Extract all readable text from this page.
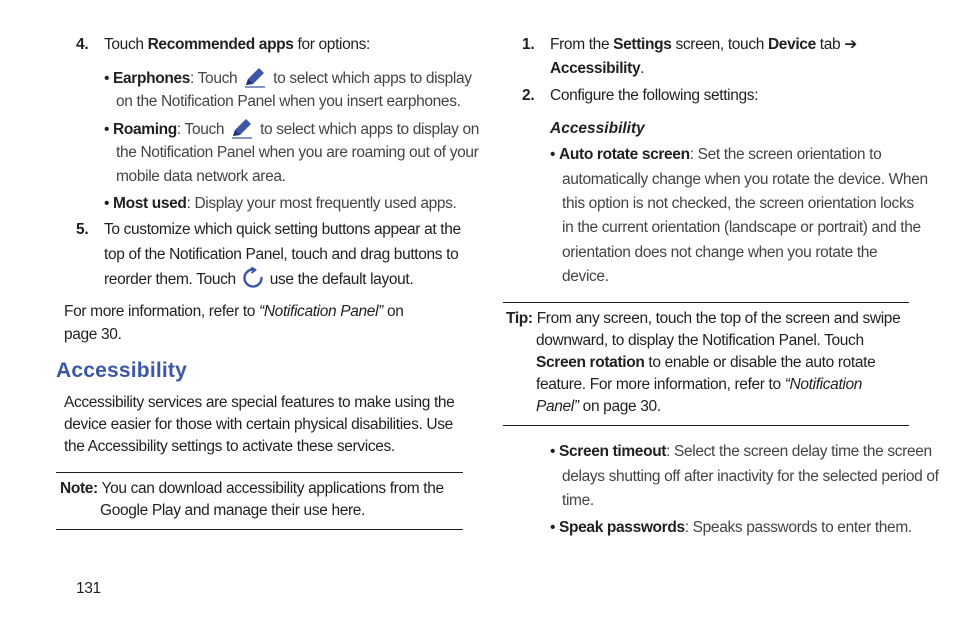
4. Touch Recommended apps for options:
• Earphones: Touch  to select which apps to display
on the Notification Panel when you insert earphones.
• Roaming: Touch  to select which apps to display on
the Notification Panel when you are roaming out of your
mobile data network area.
• Most used: Display your most frequently used apps.
5. To customize which quick setting buttons appear at the
top of the Notification Panel, touch and drag buttons to
reorder them. Touch  use the default layout.
For more information, refer to “Notification Panel” on
page 30.
Accessibility
Accessibility services are special features to make using the
device easier for those with certain physical disabilities. Use
the Accessibility settings to activate these services.
Note: You can download accessibility applications from the
Google Play and manage their use here.
131
1. From the Settings screen, touch Device tab ➔
Accessibility.
2. Configure the following settings:
Accessibility
• Auto rotate screen: Set the screen orientation to
automatically change when you rotate the device. When
this option is not checked, the screen orientation locks
in the current orientation (landscape or portrait) and the
orientation does not change when you rotate the
device.
Tip: From any screen, touch the top of the screen and swipe
downward, to display the Notification Panel. Touch
Screen rotation to enable or disable the auto rotate
feature. For more information, refer to “Notification
Panel” on page 30.
• Screen timeout: Select the screen delay time the screen
delays shutting off after inactivity for the selected period of
time.
• Speak passwords: Speaks passwords to enter them.
